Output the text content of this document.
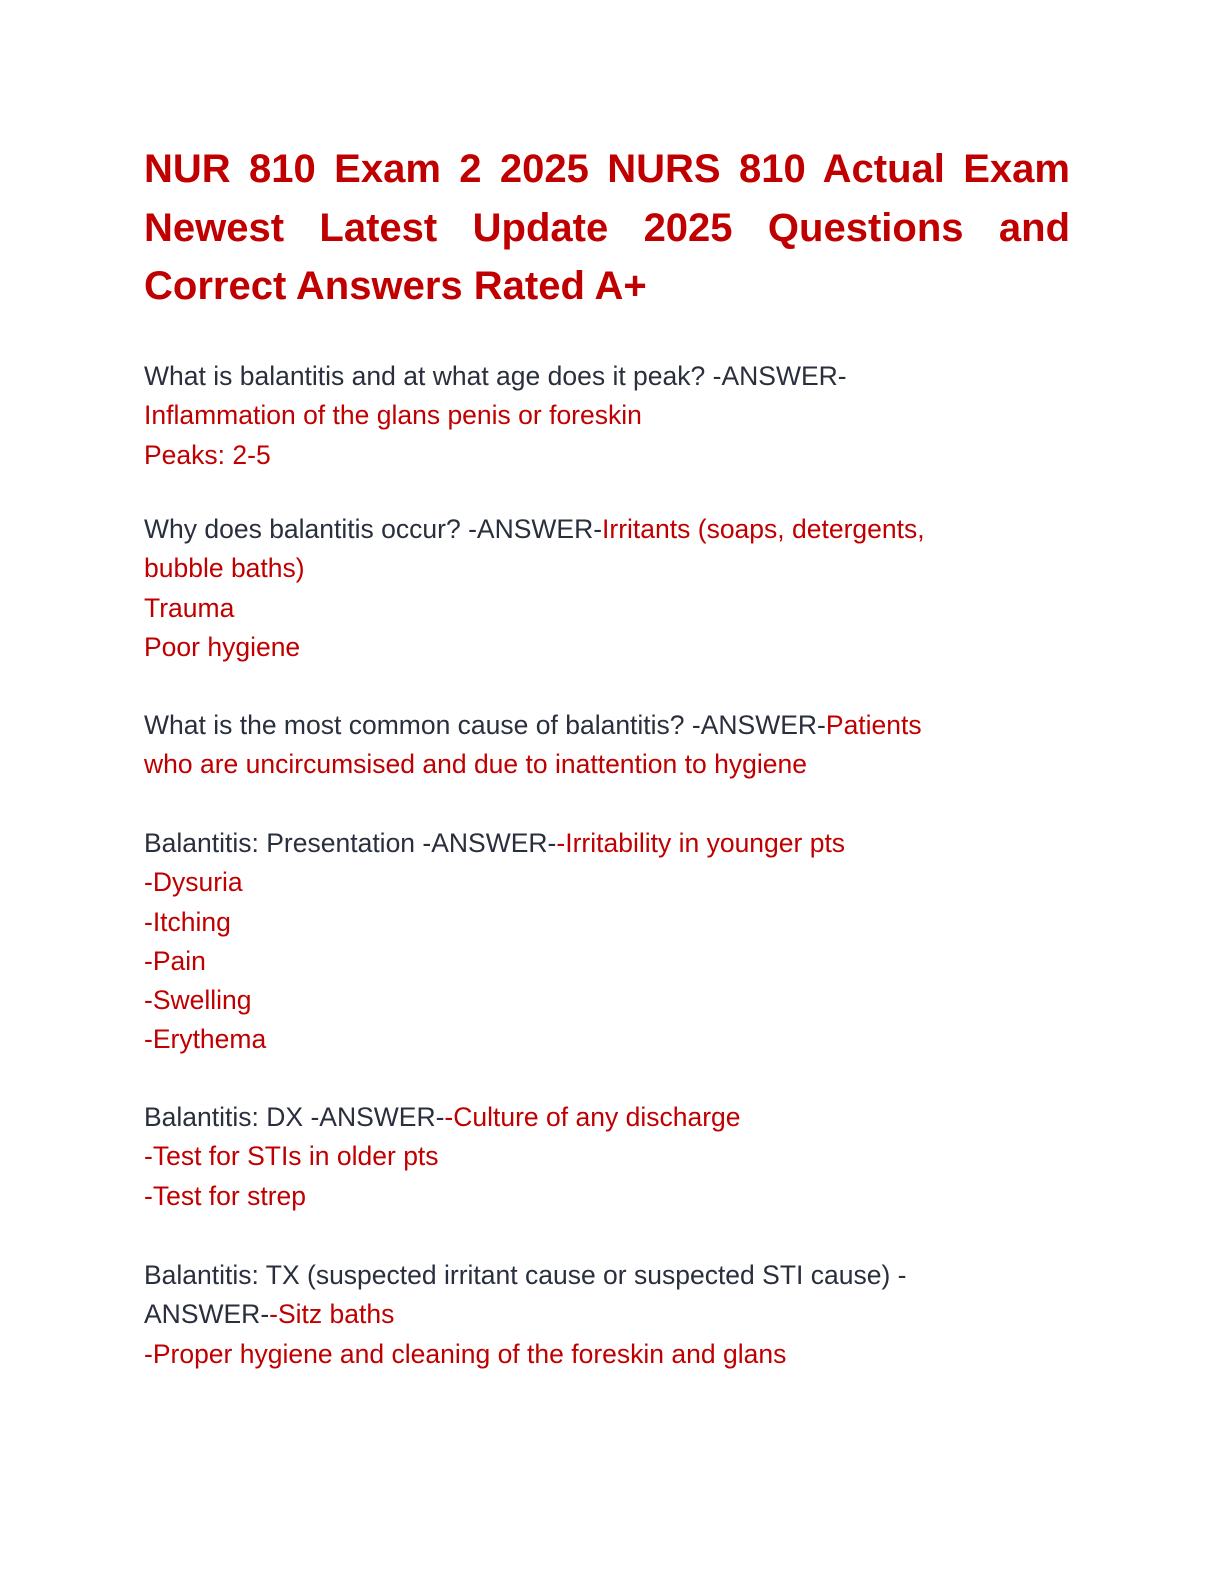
NUR 810 Exam 2 2025 NURS 810 Actual Exam Newest Latest Update 2025 Questions and Correct Answers Rated A+
What is balantitis and at what age does it peak? -ANSWER-
Inflammation of the glans penis or foreskin
Peaks: 2-5
Why does balantitis occur? -ANSWER-Irritants (soaps, detergents,
bubble baths)
Trauma
Poor hygiene
What is the most common cause of balantitis? -ANSWER-Patients
who are uncircumsised and due to inattention to hygiene
Balantitis: Presentation -ANSWER--Irritability in younger pts
-Dysuria
-Itching
-Pain
-Swelling
-Erythema
Balantitis: DX -ANSWER--Culture of any discharge
-Test for STIs in older pts
-Test for strep
Balantitis: TX (suspected irritant cause or suspected STI cause) -
ANSWER--Sitz baths
-Proper hygiene and cleaning of the foreskin and glans
